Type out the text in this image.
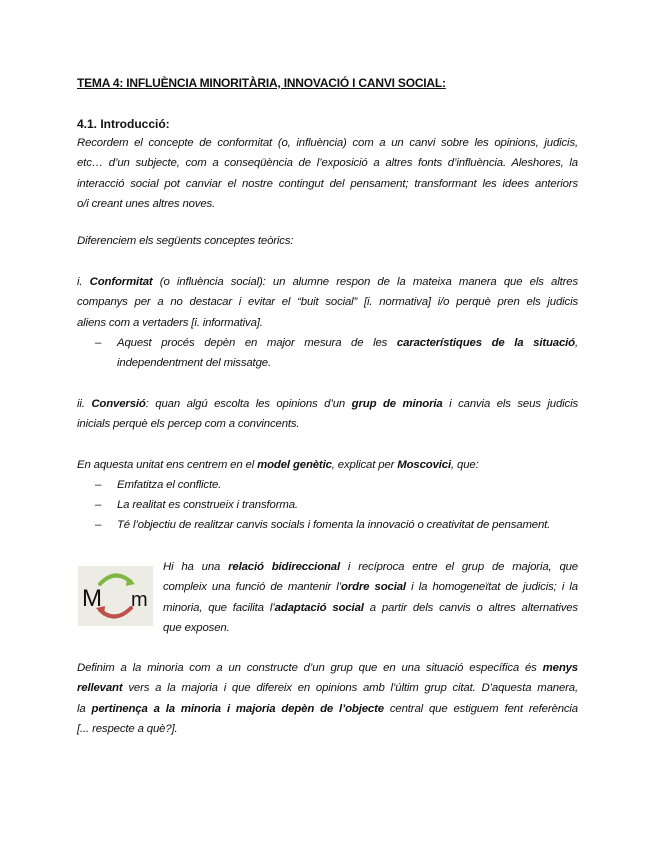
TEMA 4: INFLUÈNCIA MINORITÀRIA, INNOVACIÓ I CANVI SOCIAL:
4.1. Introducció:
Recordem el concepte de conformitat (o, influència) com a un canvi sobre les opinions, judicis,
etc… d’un subjecte, com a conseqüència de l’exposició a altres fonts d’influència. Aleshores, la
interacció social pot canviar el nostre contingut del pensament; transformant les idees anteriors
o/i creant unes altres noves.
Diferenciem els següents conceptes teòrics:
i. Conformitat (o influència social): un alumne respon de la mateixa manera que els altres
companys per a no destacar i evitar el “buit social” [i. normativa] i/o perquè pren els judicis
aliens com a vertaders [i. informativa].
– Aquest procés depèn en major mesura de les característiques de la situació,
independentment del missatge.
ii. Conversió: quan algú escolta les opinions d’un grup de minoria i canvia els seus judicis
inicials perquè els percep com a convincents.
En aquesta unitat ens centrem en el model genètic, explicat per Moscovici, que:
– Emfatitza el conflicte.
– La realitat es construeix i transforma.
– Té l’objectiu de realitzar canvis socials i fomenta la innovació o creativitat de pensament.
Definim a la minoria com a un constructe d’un grup que en una situació específica és menys
rellevant vers a la majoria i que difereix en opinions amb l’últim grup citat. D’aquesta manera,
la pertinença a la minoria i majoria depèn de l’objecte central que estiguem fent referència
[... respecte a què?].
M m
Hi ha una relació bidireccional i recíproca entre el grup de majoria, que
compleix una funció de mantenir l’ordre social i la homogeneïtat de judicis; i la
minoria, que facilita l’adaptació social a partir dels canvis o altres alternatives
que exposen.
